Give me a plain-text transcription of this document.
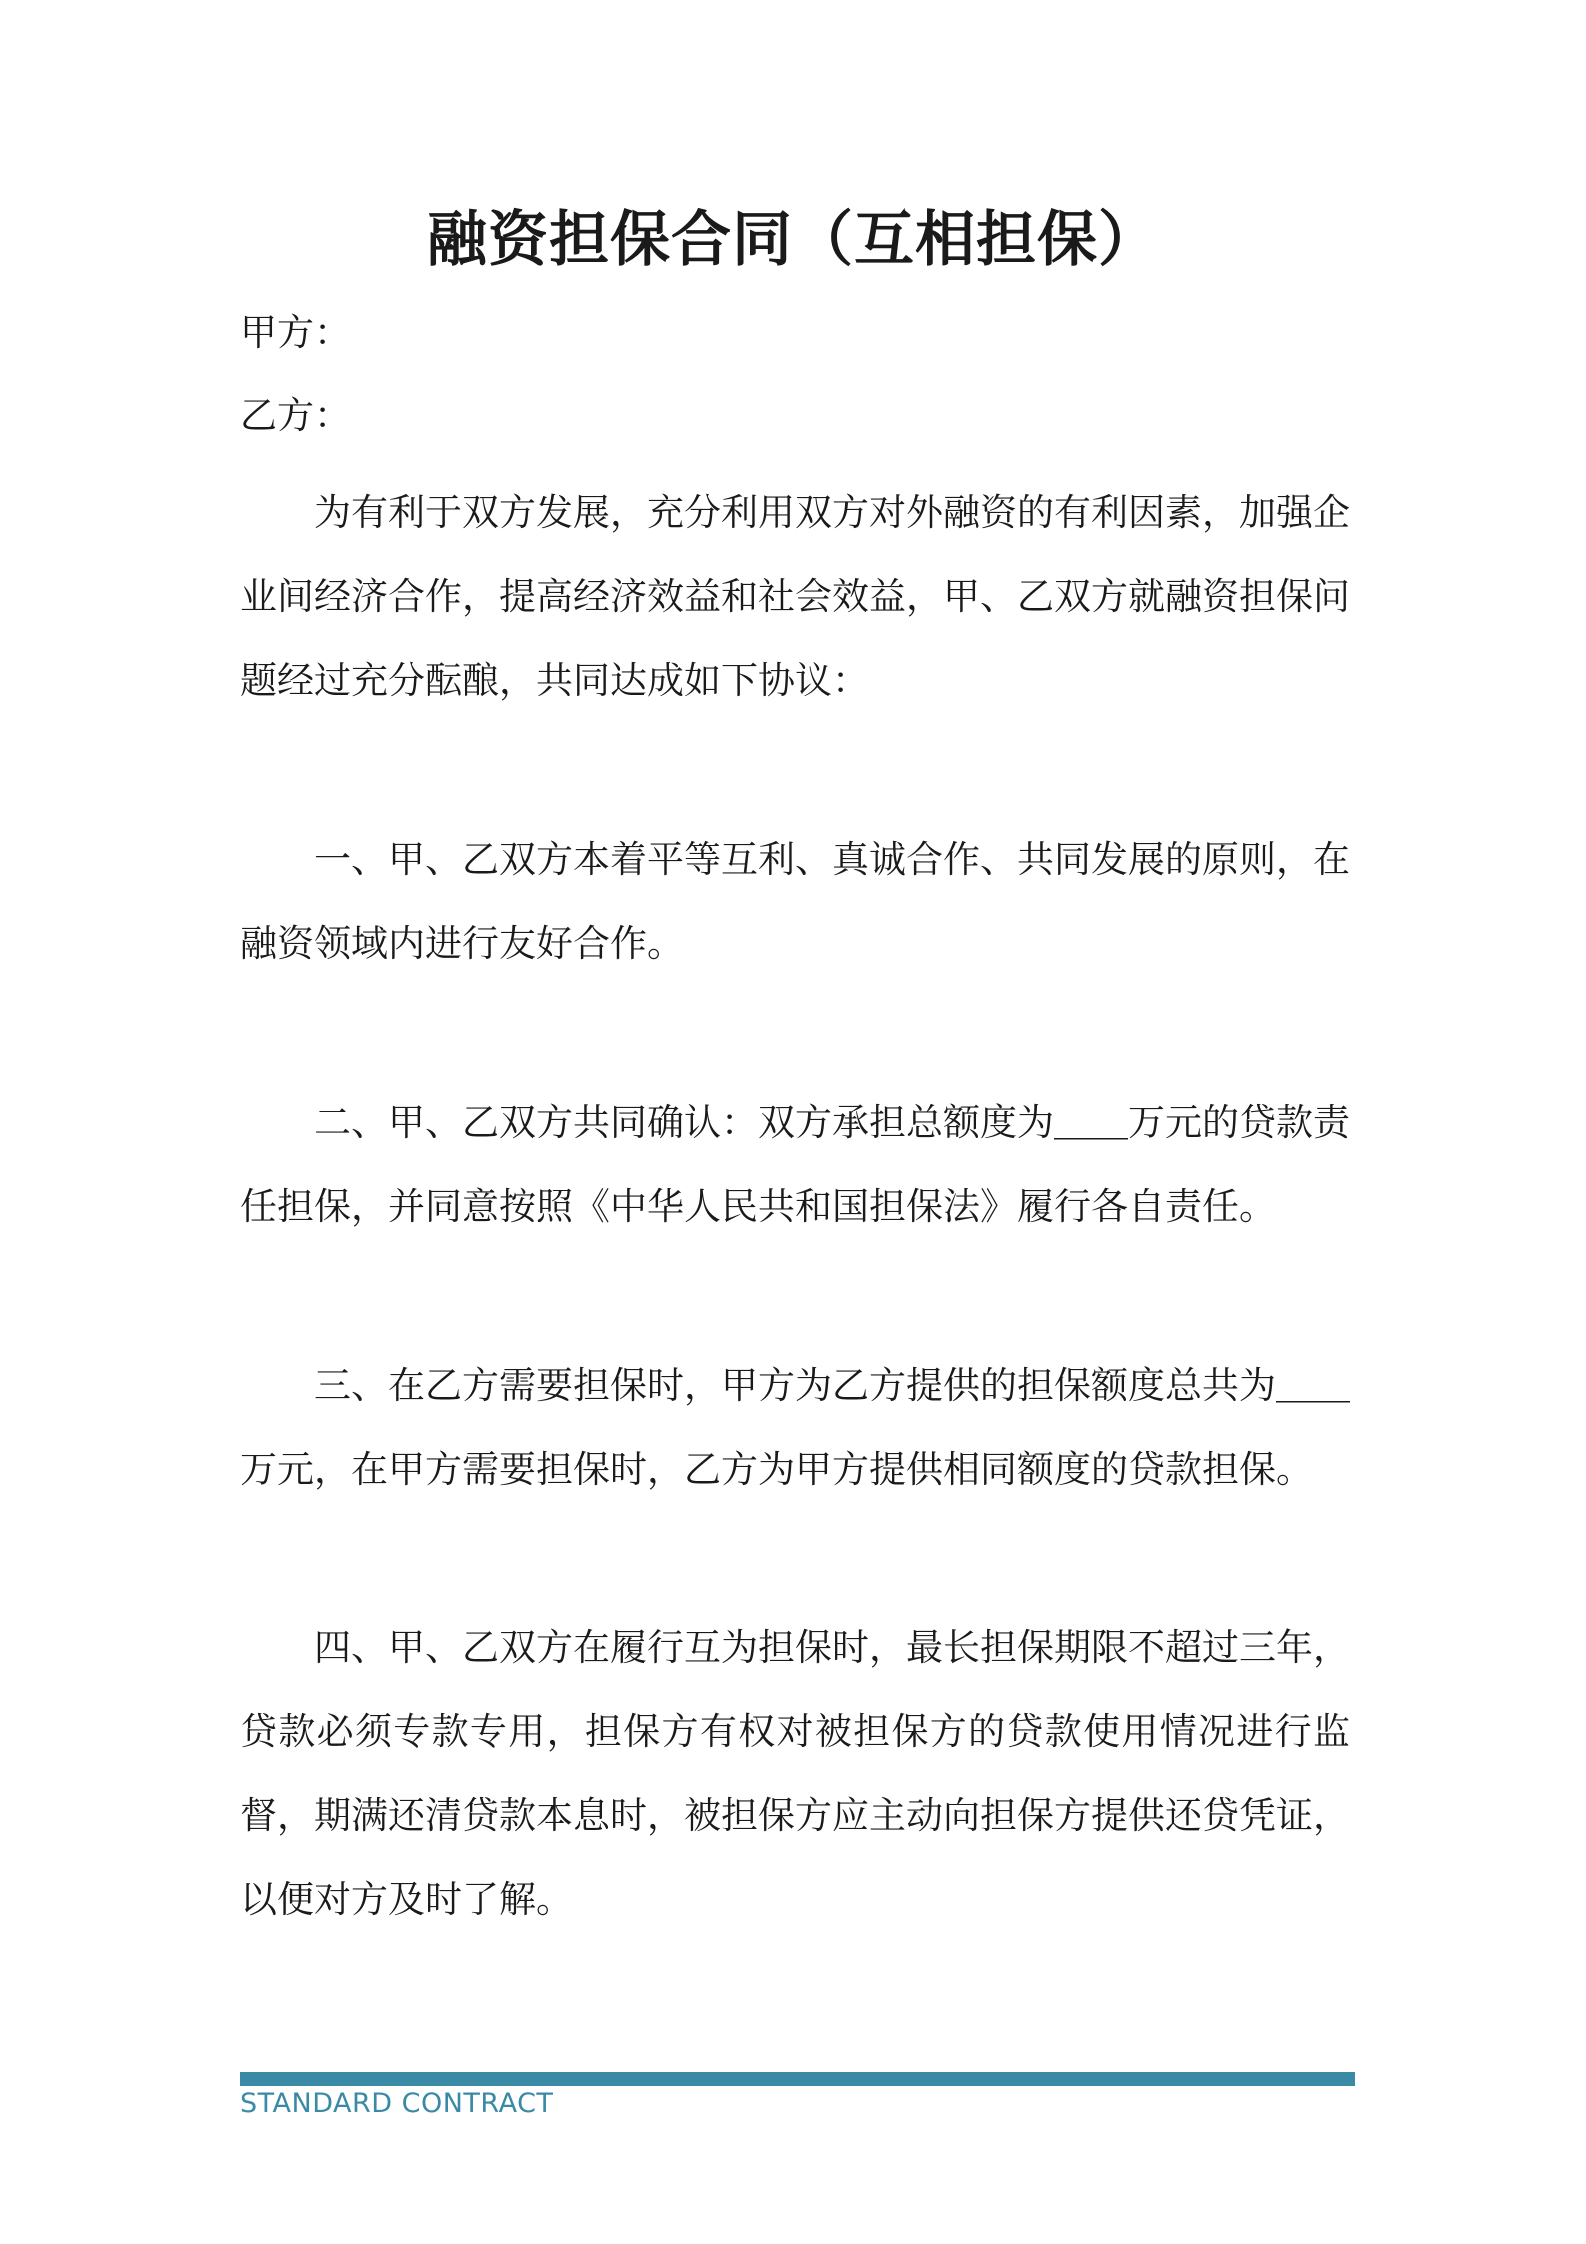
融资担保合同（互相担保）
甲方：
乙方：

为有利于双方发展，充分利用双方对外融资的有利因素，加强企业间经济合作，提高经济效益和社会效益，甲、乙双方就融资担保问题经过充分酝酿，共同达成如下协议：

一、甲、乙双方本着平等互利、真诚合作、共同发展的原则，在融资领域内进行友好合作。

二、甲、乙双方共同确认：双方承担总额度为＿＿万元的贷款责任担保，并同意按照《中华人民共和国担保法》履行各自责任。

三、在乙方需要担保时，甲方为乙方提供的担保额度总共为＿＿万元，在甲方需要担保时，乙方为甲方提供相同额度的贷款担保。

四、甲、乙双方在履行互为担保时，最长担保期限不超过三年，贷款必须专款专用，担保方有权对被担保方的贷款使用情况进行监督，期满还清贷款本息时，被担保方应主动向担保方提供还贷凭证，以便对方及时了解。

STANDARD CONTRACT
